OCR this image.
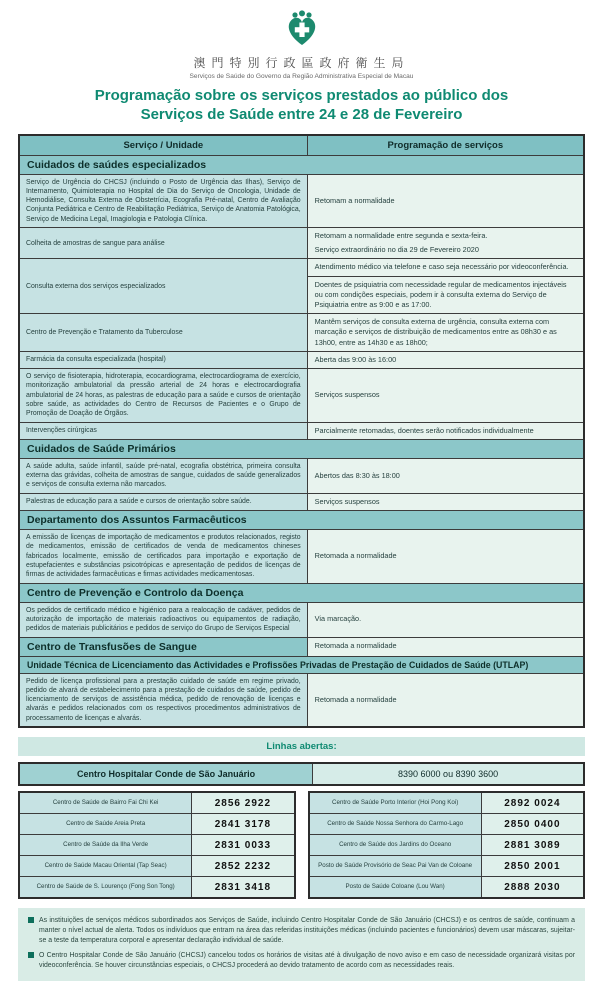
澳門特別行政區政府衛生局
Serviços de Saúde do Governo da Região Administrativa Especial de Macau
Programação sobre os serviços prestados ao público dos
Serviços de Saúde entre 24 e 28 de Fevereiro
Serviço / Unidade	Programação de serviços
Cuidados de saúdes especializados	
Serviço de Urgência do CHCSJ (incluindo o Posto de Urgência das Ilhas), Serviço de Internamento, Quimioterapia no Hospital de Dia do Serviço de Oncologia, Unidade de Hemodiálise, Consulta Externa de Obstetrícia, Ecografia Pré-natal, Centro de Avaliação Conjunta Pediátrica e Centro de Reabilitação Pediátrica, Serviço de Anatomia Patológica, Serviço de Medicina Legal, Imagiologia e Patologia Clínica.	Retomam a normalidade
Colheita de amostras de sangue para análise	Retomam a normalidade entre segunda e sexta-feira.
Serviço extraordinário no dia 29 de Fevereiro 2020

Consulta externa dos serviços especializados	Atendimento médico via telefone e caso seja necessário por videoconferência.
Doentes de psiquiatria com necessidade regular de medicamentos injectáveis ou com condições especiais, podem ir à consulta externa do Serviço de Psiquiatria entre as 9:00 e as 17:00.

Centro de Prevenção e Tratamento da Tuberculose	Mantêm serviços de consulta externa de urgência, consulta externa com marcação e serviços de distribuição de medicamentos entre as 08h30 e as 13h00, entre as 14h30 e as 18h00;
Farmácia da consulta especializada (hospital)	Aberta das 9:00 às 16:00
O serviço de fisioterapia, hidroterapia, ecocardiograma, electrocardiograma de exercício, monitorização ambulatorial da pressão arterial de 24 horas e electrocardiografia ambulatorial de 24 horas, as palestras de educação para a saúde e cursos de orientação sobre saúde, as actividades do Centro de Recursos de Pacientes e o Grupo de Promoção de Doação de Órgãos.	Serviços suspensos
Intervenções cirúrgicas	Parcialmente retomadas, doentes serão notificados individualmente
Cuidados de Saúde Primários	
A saúde adulta, saúde infantil, saúde pré-natal, ecografia obstétrica, primeira consulta externa das grávidas, colheita de amostras de sangue, cuidados de saúde generalizados e serviços de consulta externa não marcados.	Abertos das 8:30 às 18:00
Palestras de educação para a saúde e cursos de orientação sobre saúde.	Serviços suspensos
Departamento dos Assuntos Farmacêuticos	
A emissão de licenças de importação de medicamentos e produtos relacionados, registo de medicamentos, emissão de certificados de venda de medicamentos chineses fabricados localmente, emissão de certificados para importação e exportação de estupefacientes e substâncias psicotrópicas e apresentação de pedidos de licenças de firmas de actividades farmacêuticas e firmas actividades medicamentosas.	Retomada a normalidade
Centro de Prevenção e Controlo da Doença	
Os pedidos de certificado médico e higiénico para a realocação de cadáver, pedidos de autorização de importação de materiais radioactivos ou equipamentos de radiação, pedidos de materiais publicitários e pedidos de serviço do Grupo de Serviços Especial	Via marcação.
Centro de Transfusões de Sangue	Retomada a normalidade
Unidade Técnica de Licenciamento das Actividades e Profissões Privadas de Prestação de Cuidados de Saúde (UTLAP)	
Pedido de licença profissional para a prestação cuidado de saúde em regime privado, pedido de alvará de estabelecimento para a prestação de cuidados de saúde, pedido de licenciamento de serviços de assistência médica, pedido de renovação de licenças e alvarás e pedidos relacionados com os respectivos procedimentos administrativos de processamento de licenças e alvarás.	Retomada a normalidade
Linhas abertas:
Centro Hospitalar Conde de São Januário	8390 6000 ou 8390 3600
Centro de Saúde de Bairro Fai Chi Kei	2856 2922
Centro de Saúde Areia Preta	2841 3178
Centro de Saúde da Ilha Verde	2831 0033
Centro de Saúde Macau Oriental (Tap Seac)	2852 2232
Centro de Saúde de S. Lourenço (Fong Son Tong)	2831 3418
Centro de Saúde Porto Interior (Hoi Pong Koi)	2892 0024
Centro de Saúde Nossa Senhora do Carmo-Lago	2850 0400
Centro de Saúde dos Jardins do Oceano	2881 3089
Posto de Saúde Provisório de Seac Pai Van de Coloane	2850 2001
Posto de Saúde Coloane (Lou Wan)	2888 2030
As instituições de serviços médicos subordinados aos Serviços de Saúde, incluindo Centro Hospitalar Conde de São Januário (CHCSJ) e os centros de saúde, continuam a manter o nível actual de alerta. Todos os indivíduos que entram na área das referidas instituições médicas (incluindo pacientes e funcionários) devem usar máscaras, sujeitar-se a teste da temperatura corporal e apresentar declaração individual de saúde.
O Centro Hospitalar Conde de São Januário (CHCSJ) cancelou todos os horários de visitas até à divulgação de novo aviso e em caso de necessidade organizará visitas por videoconferência. Se houver circunstâncias especiais, o CHCSJ procederá ao devido tratamento de acordo com as necessidades reais.
